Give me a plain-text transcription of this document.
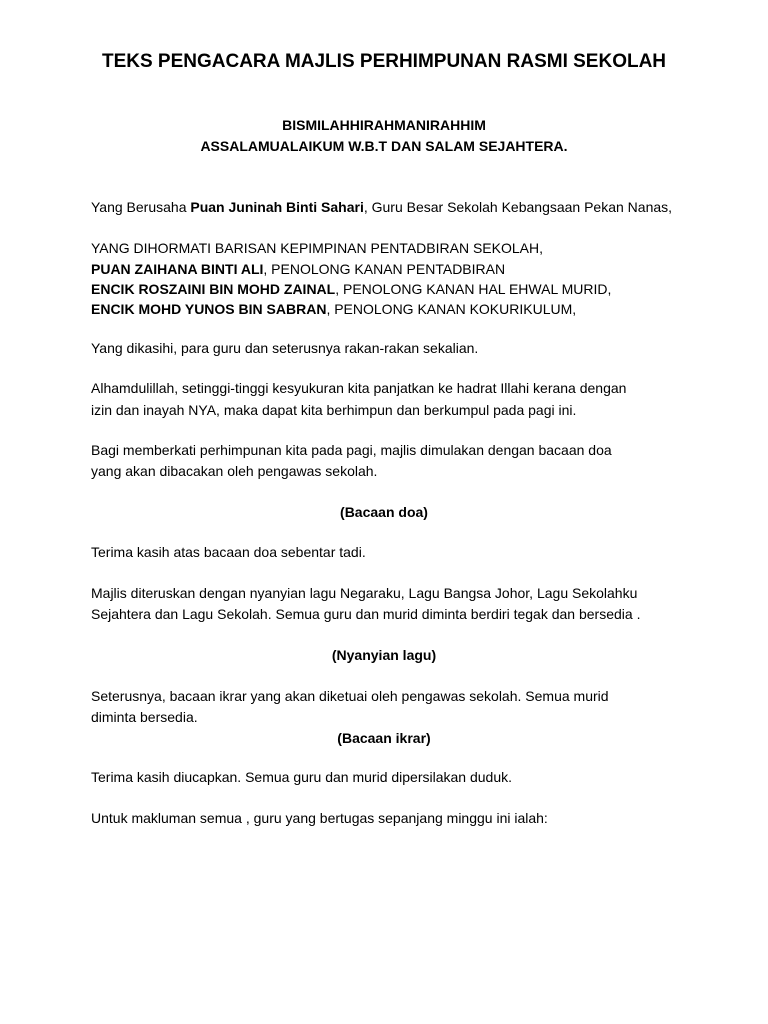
TEKS PENGACARA MAJLIS PERHIMPUNAN RASMI SEKOLAH
BISMILAHHIRAHMANIRAHHIM
ASSALAMUALAIKUM W.B.T DAN SALAM SEJAHTERA.
Yang Berusaha Puan Juninah Binti Sahari, Guru Besar Sekolah Kebangsaan Pekan Nanas,
YANG DIHORMATI BARISAN KEPIMPINAN PENTADBIRAN SEKOLAH,
PUAN ZAIHANA BINTI ALI, PENOLONG KANAN PENTADBIRAN
ENCIK ROSZAINI BIN MOHD ZAINAL, PENOLONG KANAN HAL EHWAL MURID,
ENCIK MOHD YUNOS BIN SABRAN, PENOLONG KANAN KOKURIKULUM,
Yang dikasihi, para guru dan seterusnya rakan-rakan sekalian.
Alhamdulillah, setinggi-tinggi kesyukuran kita panjatkan ke hadrat Illahi kerana dengan
izin dan inayah NYA, maka dapat kita berhimpun dan berkumpul pada pagi ini.
Bagi memberkati perhimpunan kita pada pagi, majlis dimulakan dengan bacaan doa
yang akan dibacakan oleh pengawas sekolah.
(Bacaan doa)
Terima kasih atas bacaan doa sebentar tadi.
Majlis diteruskan dengan nyanyian lagu Negaraku, Lagu Bangsa Johor, Lagu Sekolahku
Sejahtera dan Lagu Sekolah. Semua guru dan murid diminta berdiri tegak dan bersedia .
(Nyanyian lagu)
Seterusnya, bacaan ikrar yang akan diketuai oleh pengawas sekolah. Semua murid
diminta bersedia.
(Bacaan ikrar)
Terima kasih diucapkan. Semua guru dan murid dipersilakan duduk.
Untuk makluman semua , guru yang bertugas sepanjang minggu ini ialah:
